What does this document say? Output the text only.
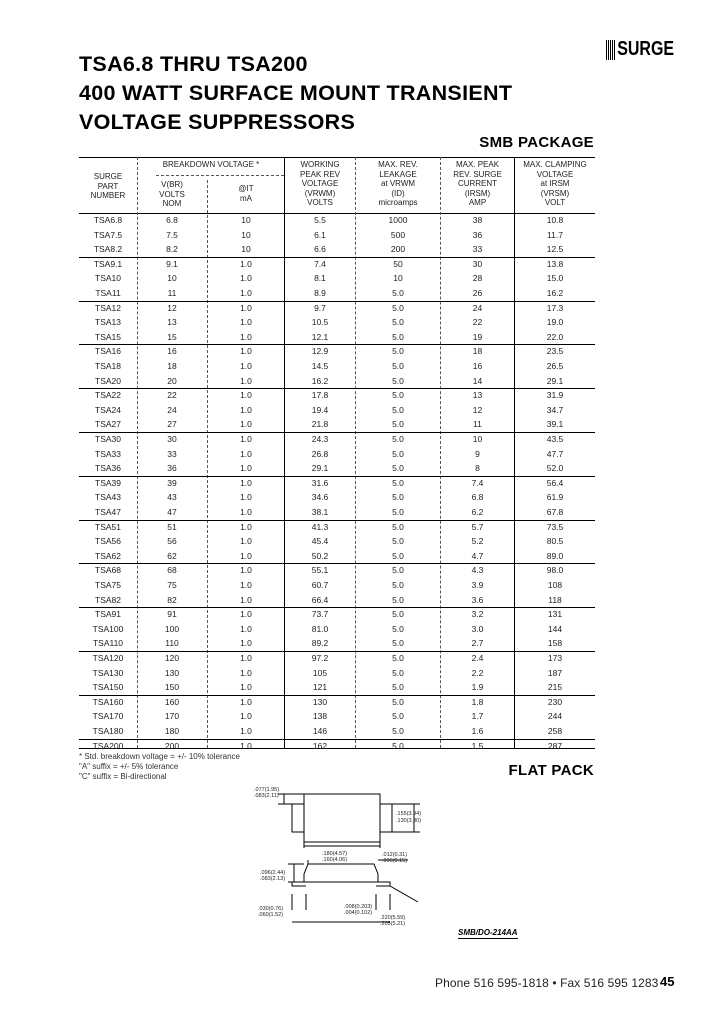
SURGE
TSA6.8 THRU TSA200
400 WATT SURFACE MOUNT TRANSIENT
VOLTAGE SUPPRESSORS
SMB PACKAGE
SURGE
PART
NUMBER
BREAKDOWN VOLTAGE *
V(BR)
VOLTS
NOM
@IT
mA
WORKING
PEAK REV
VOLTAGE
(VRWM)
VOLTS
MAX. REV.
LEAKAGE
at VRWM
(ID)
microamps
MAX. PEAK
REV. SURGE
CURRENT
(IRSM)
AMP
MAX. CLAMPING
VOLTAGE
at IRSM
(VRSM)
VOLT
TSA6.8	6.8	10	5.5	1000	38	10.8
TSA7.5	7.5	10	6.1	500	36	11.7
TSA8.2	8.2	10	6.6	200	33	12.5
TSA9.1	9.1	1.0	7.4	50	30	13.8
TSA10	10	1.0	8.1	10	28	15.0
TSA11	11	1.0	8.9	5.0	26	16.2
TSA12	12	1.0	9.7	5.0	24	17.3
TSA13	13	1.0	10.5	5.0	22	19.0
TSA15	15	1.0	12.1	5.0	19	22.0
TSA16	16	1.0	12.9	5.0	18	23.5
TSA18	18	1.0	14.5	5.0	16	26.5
TSA20	20	1.0	16.2	5.0	14	29.1
TSA22	22	1.0	17.8	5.0	13	31.9
TSA24	24	1.0	19.4	5.0	12	34.7
TSA27	27	1.0	21.8	5.0	11	39.1
TSA30	30	1.0	24.3	5.0	10	43.5
TSA33	33	1.0	26.8	5.0	9	47.7
TSA36	36	1.0	29.1	5.0	8	52.0
TSA39	39	1.0	31.6	5.0	7.4	56.4
TSA43	43	1.0	34.6	5.0	6.8	61.9
TSA47	47	1.0	38.1	5.0	6.2	67.8
TSA51	51	1.0	41.3	5.0	5.7	73.5
TSA56	56	1.0	45.4	5.0	5.2	80.5
TSA62	62	1.0	50.2	5.0	4.7	89.0
TSA68	68	1.0	55.1	5.0	4.3	98.0
TSA75	75	1.0	60.7	5.0	3.9	108
TSA82	82	1.0	66.4	5.0	3.6	118
TSA91	91	1.0	73.7	5.0	3.2	131
TSA100	100	1.0	81.0	5.0	3.0	144
TSA110	110	1.0	89.2	5.0	2.7	158
TSA120	120	1.0	97.2	5.0	2.4	173
TSA130	130	1.0	105	5.0	2.2	187
TSA150	150	1.0	121	5.0	1.9	215
TSA160	160	1.0	130	5.0	1.8	230
TSA170	170	1.0	138	5.0	1.7	244
TSA180	180	1.0	146	5.0	1.6	258
TSA200	200	1.0	162	5.0	1.5	287
* Std. breakdown voltage = +/- 10% tolerance
"A" suffix = +/- 5% tolerance
"C" suffix = Bi-directional	FLAT PACK
.077(1.95)
.083(2.11)
.155(3.94)
.130(3.30)
.180(4.57)
.160(4.06)
.096(2.44)
.083(2.13)
.012(0.31)
.006(0.15)
.030(0.76)
.060(1.52)
.008(0.203)
.004(0.102)
.220(5.59)
.205(5.21)
SMB/DO-214AA
Phone 516 595-1818 • Fax 516 595 1283 45
